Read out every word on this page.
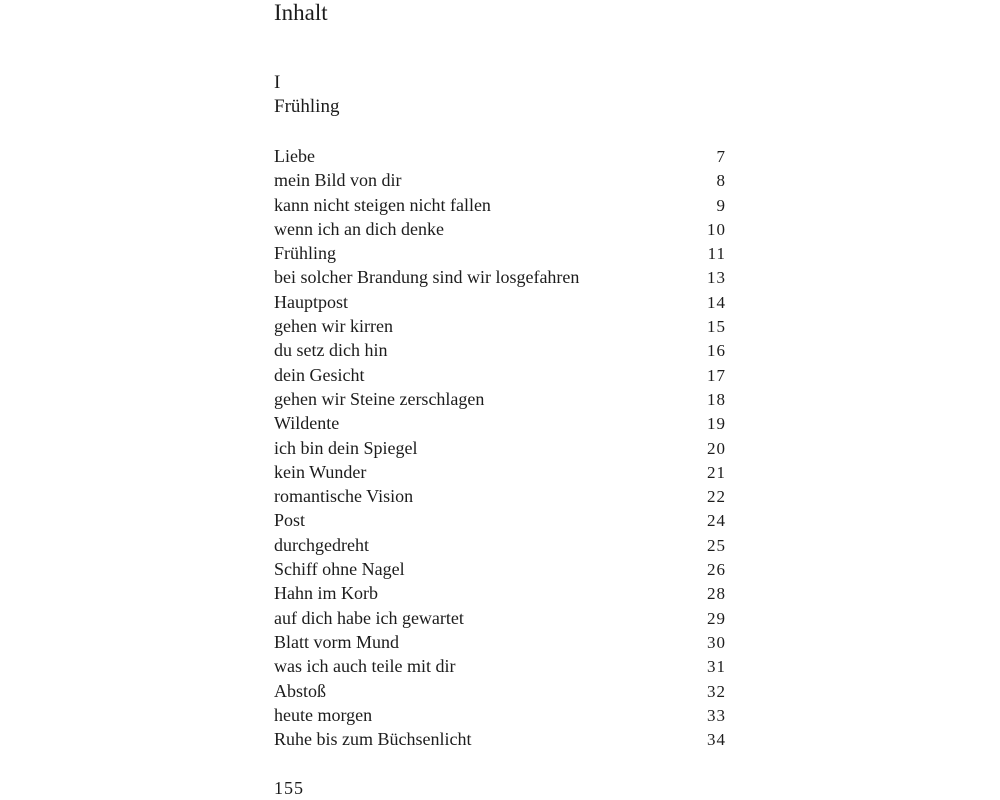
Inhalt
I
Frühling
Liebe	7
mein Bild von dir	8
kann nicht steigen nicht fallen	9
wenn ich an dich denke	10
Frühling	11
bei solcher Brandung sind wir losgefahren	13
Hauptpost	14
gehen wir kirren	15
du setz dich hin	16
dein Gesicht	17
gehen wir Steine zerschlagen	18
Wildente	19
ich bin dein Spiegel	20
kein Wunder	21
romantische Vision	22
Post	24
durchgedreht	25
Schiff ohne Nagel	26
Hahn im Korb	28
auf dich habe ich gewartet	29
Blatt vorm Mund	30
was ich auch teile mit dir	31
Abstoß	32
heute morgen	33
Ruhe bis zum Büchsenlicht	34
155
